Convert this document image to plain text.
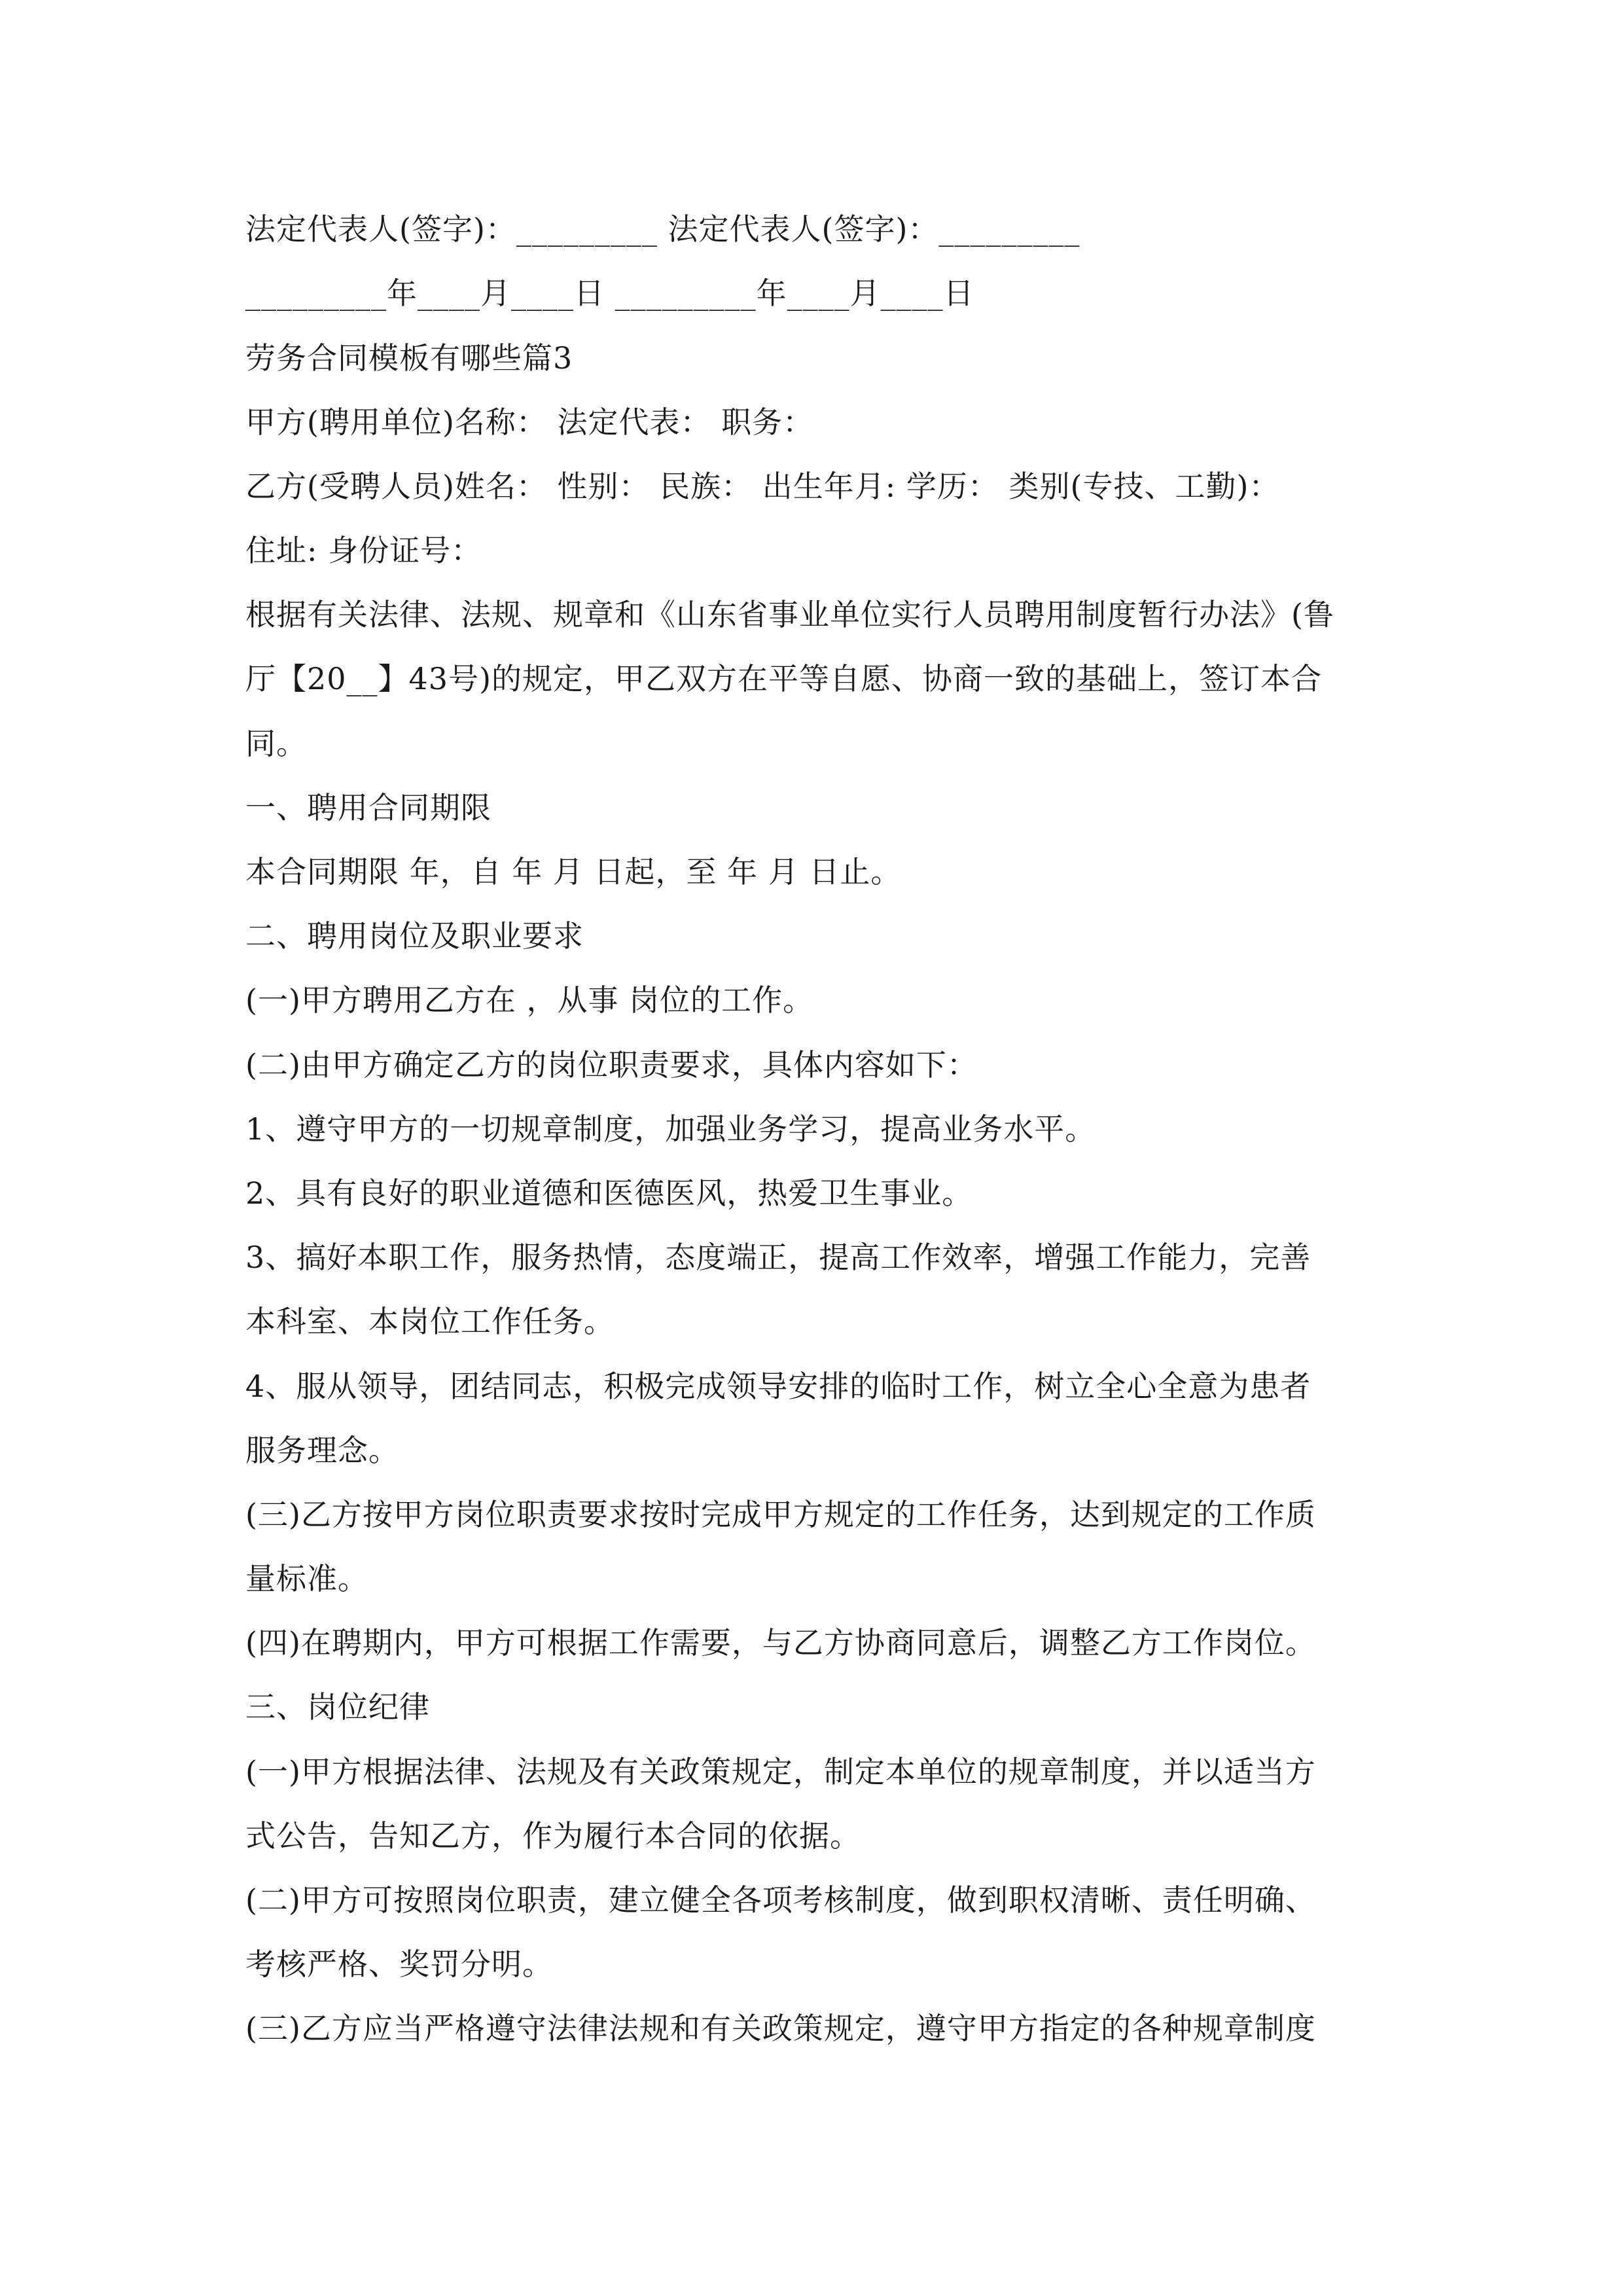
法定代表人(签字)：_________ 法定代表人(签字)：_________
_________年____月____日 _________年____月____日
劳务合同模板有哪些篇3
甲方(聘用单位)名称： 法定代表： 职务：
乙方(受聘人员)姓名： 性别： 民族： 出生年月: 学历： 类别(专技、工勤)：
住址: 身份证号：
根据有关法律、法规、规章和《山东省事业单位实行人员聘用制度暂行办法》(鲁
厅【20__】43号)的规定，甲乙双方在平等自愿、协商一致的基础上，签订本合
同。
一、聘用合同期限
本合同期限 年，自 年 月 日起，至 年 月 日止。
二、聘用岗位及职业要求
(一)甲方聘用乙方在 ，从事 岗位的工作。
(二)由甲方确定乙方的岗位职责要求，具体内容如下：
1、遵守甲方的一切规章制度，加强业务学习，提高业务水平。
2、具有良好的职业道德和医德医风，热爱卫生事业。
3、搞好本职工作，服务热情，态度端正，提高工作效率，增强工作能力，完善
本科室、本岗位工作任务。
4、服从领导，团结同志，积极完成领导安排的临时工作，树立全心全意为患者
服务理念。
(三)乙方按甲方岗位职责要求按时完成甲方规定的工作任务，达到规定的工作质
量标准。
(四)在聘期内，甲方可根据工作需要，与乙方协商同意后，调整乙方工作岗位。
三、岗位纪律
(一)甲方根据法律、法规及有关政策规定，制定本单位的规章制度，并以适当方
式公告，告知乙方，作为履行本合同的依据。
(二)甲方可按照岗位职责，建立健全各项考核制度，做到职权清晰、责任明确、
考核严格、奖罚分明。
(三)乙方应当严格遵守法律法规和有关政策规定，遵守甲方指定的各种规章制度
